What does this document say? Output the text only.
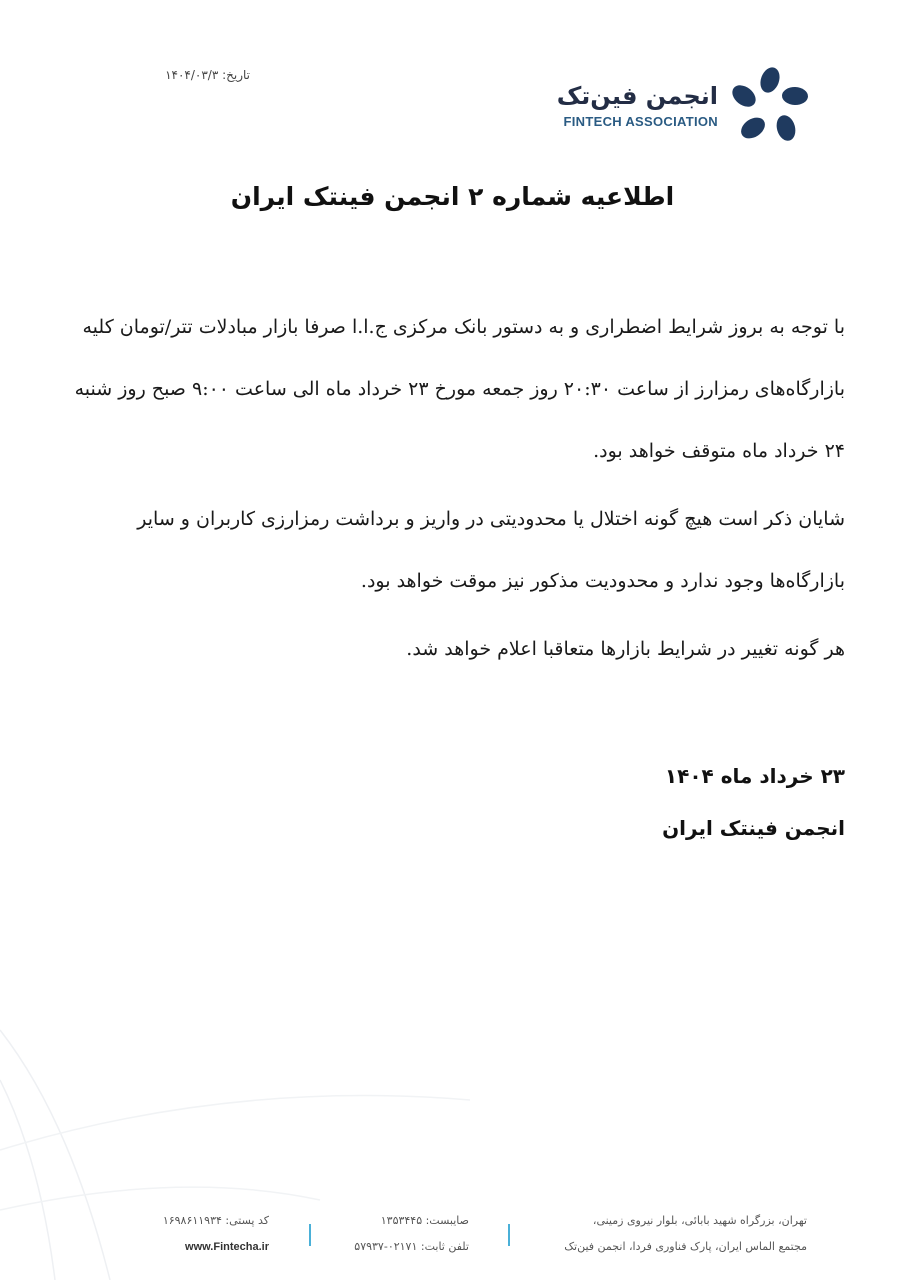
تاریخ: ۱۴۰۴/۰۳/۳
انجمن فین‌تک
FINTECH ASSOCIATION
اطلاعیه شماره ۲ انجمن فینتک ایران

با توجه به بروز شرایط اضطراری و به دستور بانک مرکزی ج.ا.ا صرفا بازار مبادلات تتر/تومان کلیه بازارگاه‌های رمزارز از ساعت ۲۰:۳۰ روز جمعه مورخ ۲۳ خرداد ماه الی ساعت ۹:۰۰ صبح روز شنبه ۲۴ خرداد ماه متوقف خواهد بود.

شایان ذکر است هیچ گونه اختلال یا محدودیتی در واریز و برداشت رمزارزی کاربران و سایر بازارگاه‌ها وجود ندارد و محدودیت مذکور نیز موقت خواهد بود.

هر گونه تغییر در شرایط بازارها متعاقبا اعلام خواهد شد.

۲۳ خرداد ماه ۱۴۰۴
انجمن فینتک ایران
تهران، بزرگراه شهید بابائی، بلوار نیروی زمینی،
مجتمع الماس ایران، پارک فناوری فردا، انجمن فین‌تک
صایبست: ۱۳۵۳۴۴۵
تلفن ثابت: ۰۲۱۷۱-۵۷۹۳۷
کد پستی: ۱۶۹۸۶۱۱۹۳۴
www.Fintecha.ir
